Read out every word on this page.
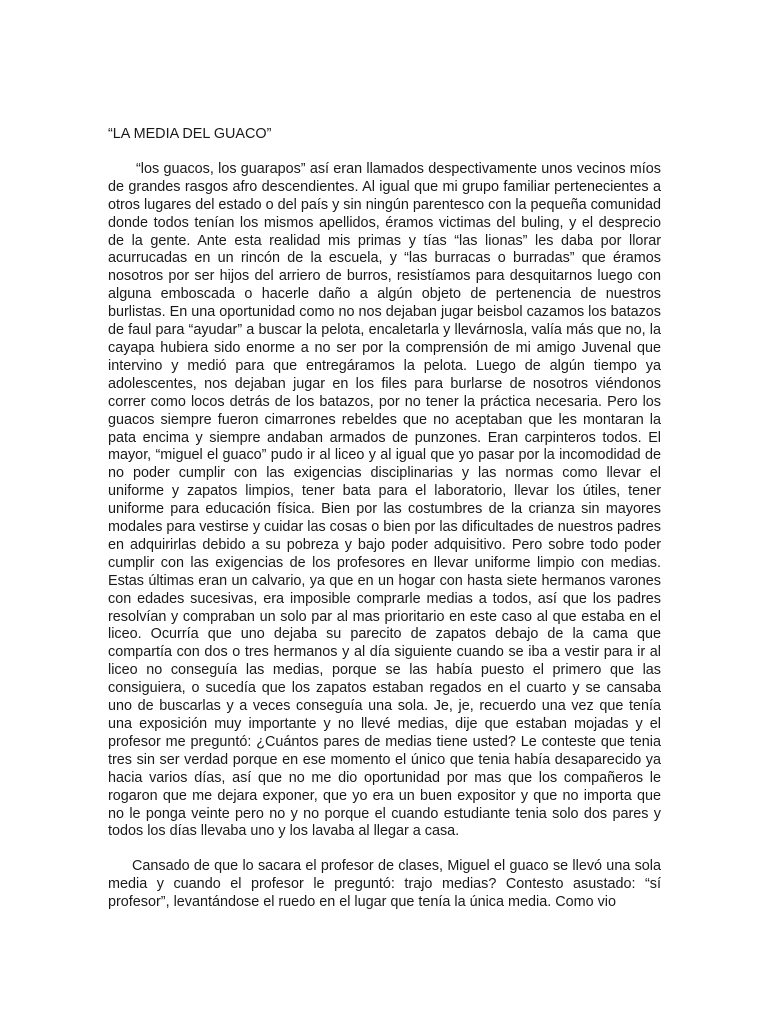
“LA MEDIA DEL GUACO”

“los guacos, los guarapos” así eran llamados despectivamente unos vecinos míos de grandes rasgos afro descendientes. Al igual que mi grupo familiar pertenecientes a otros lugares del estado o del país y sin ningún parentesco con la pequeña comunidad donde todos tenían los mismos apellidos, éramos victimas del buling, y el desprecio de la gente. Ante esta realidad mis primas y tías “las lionas” les daba por llorar acurrucadas en un rincón de la escuela, y “las burracas o burradas” que éramos nosotros por ser hijos del arriero de burros, resistíamos para desquitarnos luego con alguna emboscada o hacerle daño a algún objeto de pertenencia de nuestros burlistas. En una oportunidad como no nos dejaban jugar beisbol cazamos los batazos de faul para “ayudar” a buscar la pelota, encaletarla y llevárnosla, valía más que no, la cayapa hubiera sido enorme a no ser por la comprensión de mi amigo Juvenal que intervino y medió para que entregáramos la pelota. Luego de algún tiempo ya adolescentes, nos dejaban jugar en los files para burlarse de nosotros viéndonos correr como locos detrás de los batazos, por no tener la práctica necesaria. Pero los guacos siempre fueron cimarrones rebeldes que no aceptaban que les montaran la pata encima y siempre andaban armados de punzones. Eran carpinteros todos. El mayor, “miguel el guaco” pudo ir al liceo y al igual que yo pasar por la incomodidad de no poder cumplir con las exigencias disciplinarias y las normas como llevar el uniforme y zapatos limpios, tener bata para el laboratorio, llevar los útiles, tener uniforme para educación física. Bien por las costumbres de la crianza sin mayores modales para vestirse y cuidar las cosas o bien por las dificultades de nuestros padres en adquirirlas debido a su pobreza y bajo poder adquisitivo. Pero sobre todo poder cumplir con las exigencias de los profesores en llevar uniforme limpio con medias. Estas últimas eran un calvario, ya que en un hogar con hasta siete hermanos varones con edades sucesivas, era imposible comprarle medias a todos, así que los padres resolvían y compraban un solo par al mas prioritario en este caso al que estaba en el liceo. Ocurría que uno dejaba su parecito de zapatos debajo de la cama que compartía con dos o tres hermanos y al día siguiente cuando se iba a vestir para ir al liceo no conseguía las medias, porque se las había puesto el primero que las consiguiera, o sucedía que los zapatos estaban regados en el cuarto y se cansaba uno de buscarlas y a veces conseguía una sola. Je, je, recuerdo una vez que tenía una exposición muy importante y no llevé medias, dije que estaban mojadas y el profesor me preguntó: ¿Cuántos pares de medias tiene usted? Le conteste que tenia tres sin ser verdad porque en ese momento el único que tenia había desaparecido ya hacia varios días, así que no me dio oportunidad por mas que los compañeros le rogaron que me dejara exponer, que yo era un buen expositor y que no importa que no le ponga veinte pero no y no porque el cuando estudiante tenia solo dos pares y todos los días llevaba uno y los lavaba al llegar a casa.

Cansado de que lo sacara el profesor de clases, Miguel el guaco se llevó una sola media y cuando el profesor le preguntó: trajo medias? Contesto asustado: “sí profesor”, levantándose el ruedo en el lugar que tenía la única media. Como vio
